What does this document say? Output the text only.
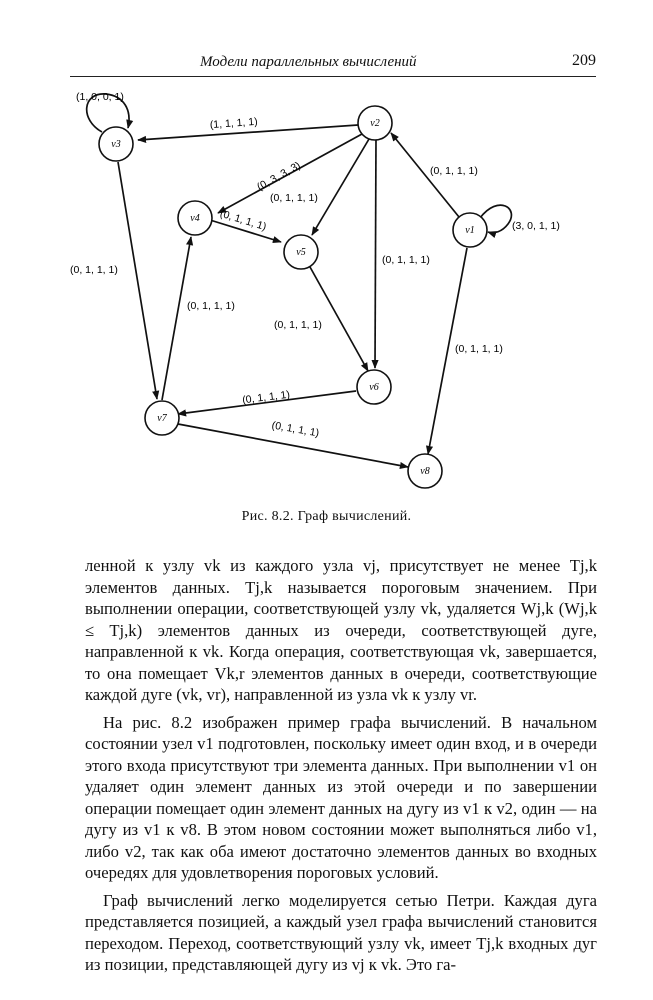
Модели параллельных вычислений	209
v3
v2
v4
v5
v1
v6
v7
v8
(1, 0, 0, 1)
(1, 1, 1, 1)
(0, 3, 3, 3)
(0, 1, 1, 1)
(0, 1, 1, 1)
(0, 1, 1, 1)
(0, 1, 1, 1)
(3, 0, 1, 1)
(0, 1, 1, 1)
(0, 1, 1, 1)
(0, 1, 1, 1)
(0, 1, 1, 1)
(0, 1, 1, 1)
(0, 1, 1, 1)
Рис. 8.2. Граф вычислений.

ленной к узлу vk из каждого узла vj, присутствует не менее Tj,k элементов данных. Tj,k называется пороговым значением. При выполнении операции, соответствующей узлу vk, удаляется Wj,k (Wj,k ≤ Tj,k) элементов данных из очереди, соответствующей дуге, направленной к vk. Когда операция, соответствующая vk, завершается, то она помещает Vk,r элементов данных в очереди, соответствующие каждой дуге (vk, vr), направленной из узла vk к узлу vr.

На рис. 8.2 изображен пример графа вычислений. В начальном состоянии узел v1 подготовлен, поскольку имеет один вход, и в очереди этого входа присутствуют три элемента данных. При выполнении v1 он удаляет один элемент данных из этой очереди и по завершении операции помещает один элемент данных на дугу из v1 к v2, один — на дугу из v1 к v8. В этом новом состоянии может выполняться либо v1, либо v2, так как оба имеют достаточно элементов данных во входных очередях для удовлетворения пороговых условий.

Граф вычислений легко моделируется сетью Петри. Каждая дуга представляется позицией, а каждый узел графа вычислений становится переходом. Переход, соответствующий узлу vk, имеет Tj,k входных дуг из позиции, представляющей дугу из vj к vk. Это га-
